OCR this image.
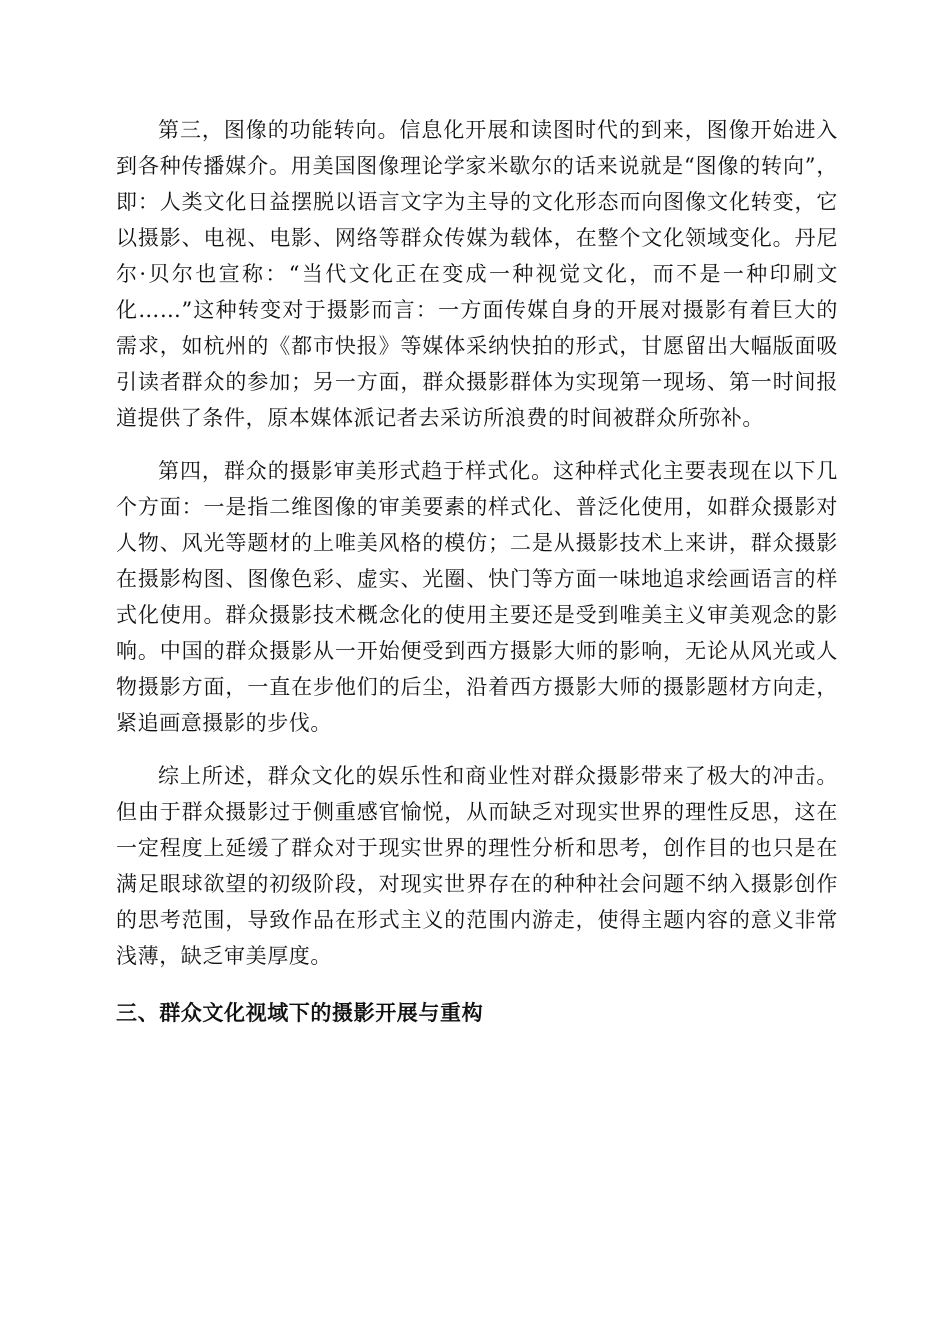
第三，图像的功能转向。信息化开展和读图时代的到来，图像开始进入到各种传播媒介。用美国图像理论学家米歇尔的话来说就是“图像的转向”，即：人类文化日益摆脱以语言文字为主导的文化形态而向图像文化转变，它以摄影、电视、电影、网络等群众传媒为载体，在整个文化领域变化。丹尼尔·贝尔也宣称：“当代文化正在变成一种视觉文化，而不是一种印刷文化……”这种转变对于摄影而言：一方面传媒自身的开展对摄影有着巨大的需求，如杭州的《都市快报》等媒体采纳快拍的形式，甘愿留出大幅版面吸引读者群众的参加；另一方面，群众摄影群体为实现第一现场、第一时间报道提供了条件，原本媒体派记者去采访所浪费的时间被群众所弥补。

第四，群众的摄影审美形式趋于样式化。这种样式化主要表现在以下几个方面：一是指二维图像的审美要素的样式化、普泛化使用，如群众摄影对人物、风光等题材的上唯美风格的模仿；二是从摄影技术上来讲，群众摄影在摄影构图、图像色彩、虚实、光圈、快门等方面一味地追求绘画语言的样式化使用。群众摄影技术概念化的使用主要还是受到唯美主义审美观念的影响。中国的群众摄影从一开始便受到西方摄影大师的影响，无论从风光或人物摄影方面，一直在步他们的后尘，沿着西方摄影大师的摄影题材方向走，紧追画意摄影的步伐。

综上所述，群众文化的娱乐性和商业性对群众摄影带来了极大的冲击。但由于群众摄影过于侧重感官愉悦，从而缺乏对现实世界的理性反思，这在一定程度上延缓了群众对于现实世界的理性分析和思考，创作目的也只是在满足眼球欲望的初级阶段，对现实世界存在的种种社会问题不纳入摄影创作的思考范围，导致作品在形式主义的范围内游走，使得主题内容的意义非常浅薄，缺乏审美厚度。

三、群众文化视域下的摄影开展与重构
